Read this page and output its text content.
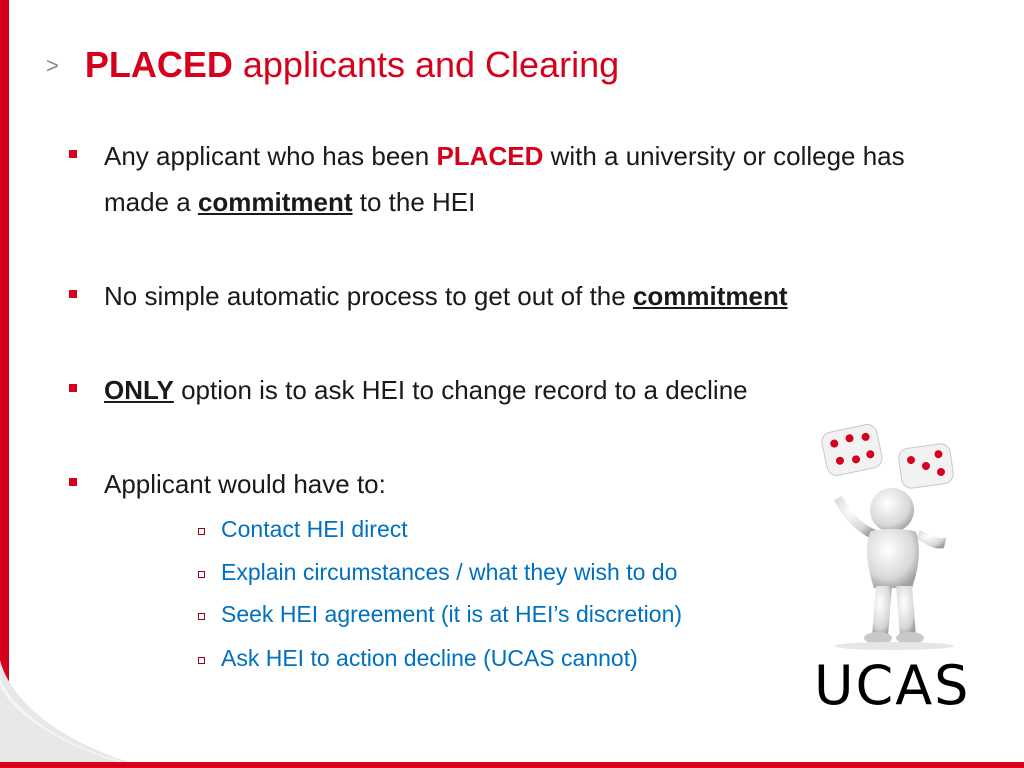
> PLACED applicants and Clearing
Any applicant who has been PLACED with a university or college has made a commitment to the HEI
No simple automatic process to get out of the commitment
ONLY option is to ask HEI to change record to a decline
Applicant would have to:
Contact HEI direct
Explain circumstances / what they wish to do
Seek HEI agreement (it is at HEI’s discretion)
Ask HEI to action decline (UCAS cannot)	UCAS
